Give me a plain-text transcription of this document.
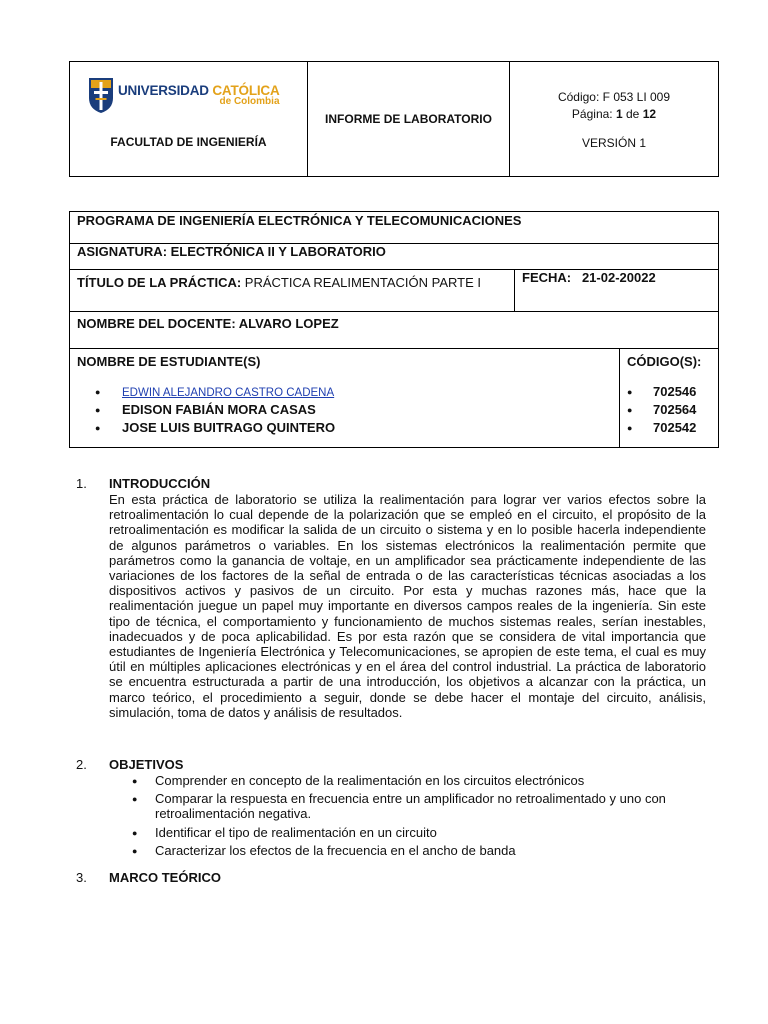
UNIVERSIDAD CATÓLICA
de Colombia
FACULTAD DE INGENIERÍA
INFORME DE LABORATORIO
Código: F 053 LI 009
Página: 1 de 12
VERSIÓN 1
PROGRAMA DE INGENIERÍA ELECTRÓNICA Y TELECOMUNICACIONES
ASIGNATURA: ELECTRÓNICA II Y LABORATORIO
TÍTULO DE LA PRÁCTICA: PRÁCTICA REALIMENTACIÓN PARTE I	FECHA: 21-02-20022
NOMBRE DEL DOCENTE: ALVARO LOPEZ
NOMBRE DE ESTUDIANTE(S)
● EDWIN ALEJANDRO CASTRO CADENA
● EDISON FABIÁN MORA CASAS
● JOSE LUIS BUITRAGO QUINTERO
CÓDIGO(S):
● 702546
● 702564
● 702542
1. INTRODUCCIÓN

En esta práctica de laboratorio se utiliza la realimentación para lograr ver varios efectos sobre la retroalimentación lo cual depende de la polarización que se empleó en el circuito, el propósito de la retroalimentación es modificar la salida de un circuito o sistema y en lo posible hacerla independiente de algunos parámetros o variables. En los sistemas electrónicos la realimentación permite que parámetros como la ganancia de voltaje, en un amplificador sea prácticamente independiente de las variaciones de los factores de la señal de entrada o de las características técnicas asociadas a los dispositivos activos y pasivos de un circuito. Por esta y muchas razones más, hace que la realimentación juegue un papel muy importante en diversos campos reales de la ingeniería. Sin este tipo de técnica, el comportamiento y funcionamiento de muchos sistemas reales, serían inestables, inadecuados y de poca aplicabilidad. Es por esta razón que se considera de vital importancia que estudiantes de Ingeniería Electrónica y Telecomunicaciones, se apropien de este tema, el cual es muy útil en múltiples aplicaciones electrónicas y en el área del control industrial. La práctica de laboratorio se encuentra estructurada a partir de una introducción, los objetivos a alcanzar con la práctica, un marco teórico, el procedimiento a seguir, donde se debe hacer el montaje del circuito, análisis, simulación, toma de datos y análisis de resultados.

2. OBJETIVOS
● Comprender en concepto de la realimentación en los circuitos electrónicos
● Comparar la respuesta en frecuencia entre un amplificador no retroalimentado y uno con retroalimentación negativa.
● Identificar el tipo de realimentación en un circuito
● Caracterizar los efectos de la frecuencia en el ancho de banda
3. MARCO TEÓRICO
